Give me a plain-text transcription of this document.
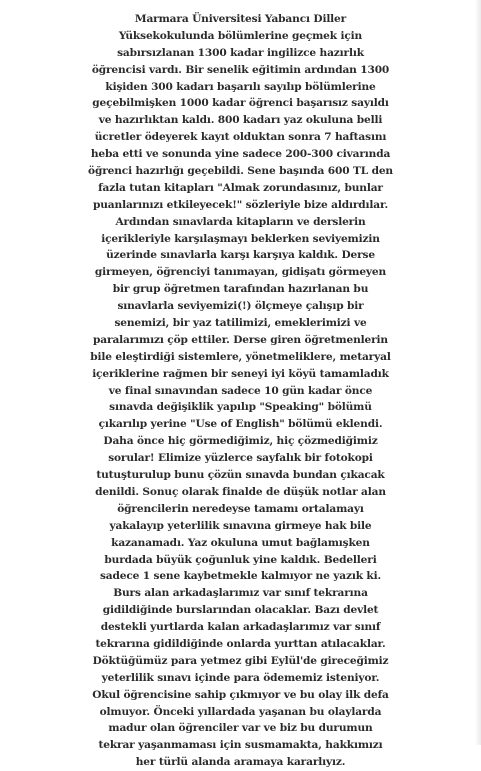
Marmara Üniversitesi Yabancı Diller
Yüksekokulunda bölümlerine geçmek için
sabırsızlanan 1300 kadar ingilizce hazırlık
öğrencisi vardı. Bir senelik eğitimin ardından 1300
kişiden 300 kadarı başarılı sayılıp bölümlerine
geçebilmişken 1000 kadar öğrenci başarısız sayıldı
ve hazırlıktan kaldı. 800 kadarı yaz okuluna belli
ücretler ödeyerek kayıt olduktan sonra 7 haftasını
heba etti ve sonunda yine sadece 200-300 civarında
öğrenci hazırlığı geçebildi. Sene başında 600 TL den
fazla tutan kitapları "Almak zorundasınız, bunlar
puanlarınızı etkileyecek!" sözleriyle bize aldırdılar.
Ardından sınavlarda kitapların ve derslerin
içerikleriyle karşılaşmayı beklerken seviyemizin
üzerinde sınavlarla karşı karşıya kaldık. Derse
girmeyen, öğrenciyi tanımayan, gidişatı görmeyen
bir grup öğretmen tarafından hazırlanan bu
sınavlarla seviyemizi(!) ölçmeye çalışıp bir
senemizi, bir yaz tatilimizi, emeklerimizi ve
paralarımızı çöp ettiler. Derse giren öğretmenlerin
bile eleştirdiği sistemlere, yönetmeliklere, metaryal
içeriklerine rağmen bir seneyi iyi köyü tamamladık
ve final sınavından sadece 10 gün kadar önce
sınavda değişiklik yapılıp "Speaking" bölümü
çıkarılıp yerine "Use of English" bölümü eklendi.
Daha önce hiç görmediğimiz, hiç çözmediğimiz
sorular! Elimize yüzlerce sayfalık bir fotokopi
tutuşturulup bunu çözün sınavda bundan çıkacak
denildi. Sonuç olarak finalde de düşük notlar alan
öğrencilerin neredeyse tamamı ortalamayı
yakalayıp yeterlilik sınavına girmeye hak bile
kazanamadı. Yaz okuluna umut bağlamışken
burdada büyük çoğunluk yine kaldık. Bedelleri
sadece 1 sene kaybetmekle kalmıyor ne yazık ki.
Burs alan arkadaşlarımız var sınıf tekrarına
gidildiğinde burslarından olacaklar. Bazı devlet
destekli yurtlarda kalan arkadaşlarımız var sınıf
tekrarına gidildiğinde onlarda yurttan atılacaklar.
Döktüğümüz para yetmez gibi Eylül'de gireceğimiz
yeterlilik sınavı içinde para ödememiz isteniyor.
Okul öğrencisine sahip çıkmıyor ve bu olay ilk defa
olmuyor. Önceki yıllardada yaşanan bu olaylarda
madur olan öğrenciler var ve biz bu durumun
tekrar yaşanmaması için susmamakta, hakkımızı
her türlü alanda aramaya kararlıyız.
